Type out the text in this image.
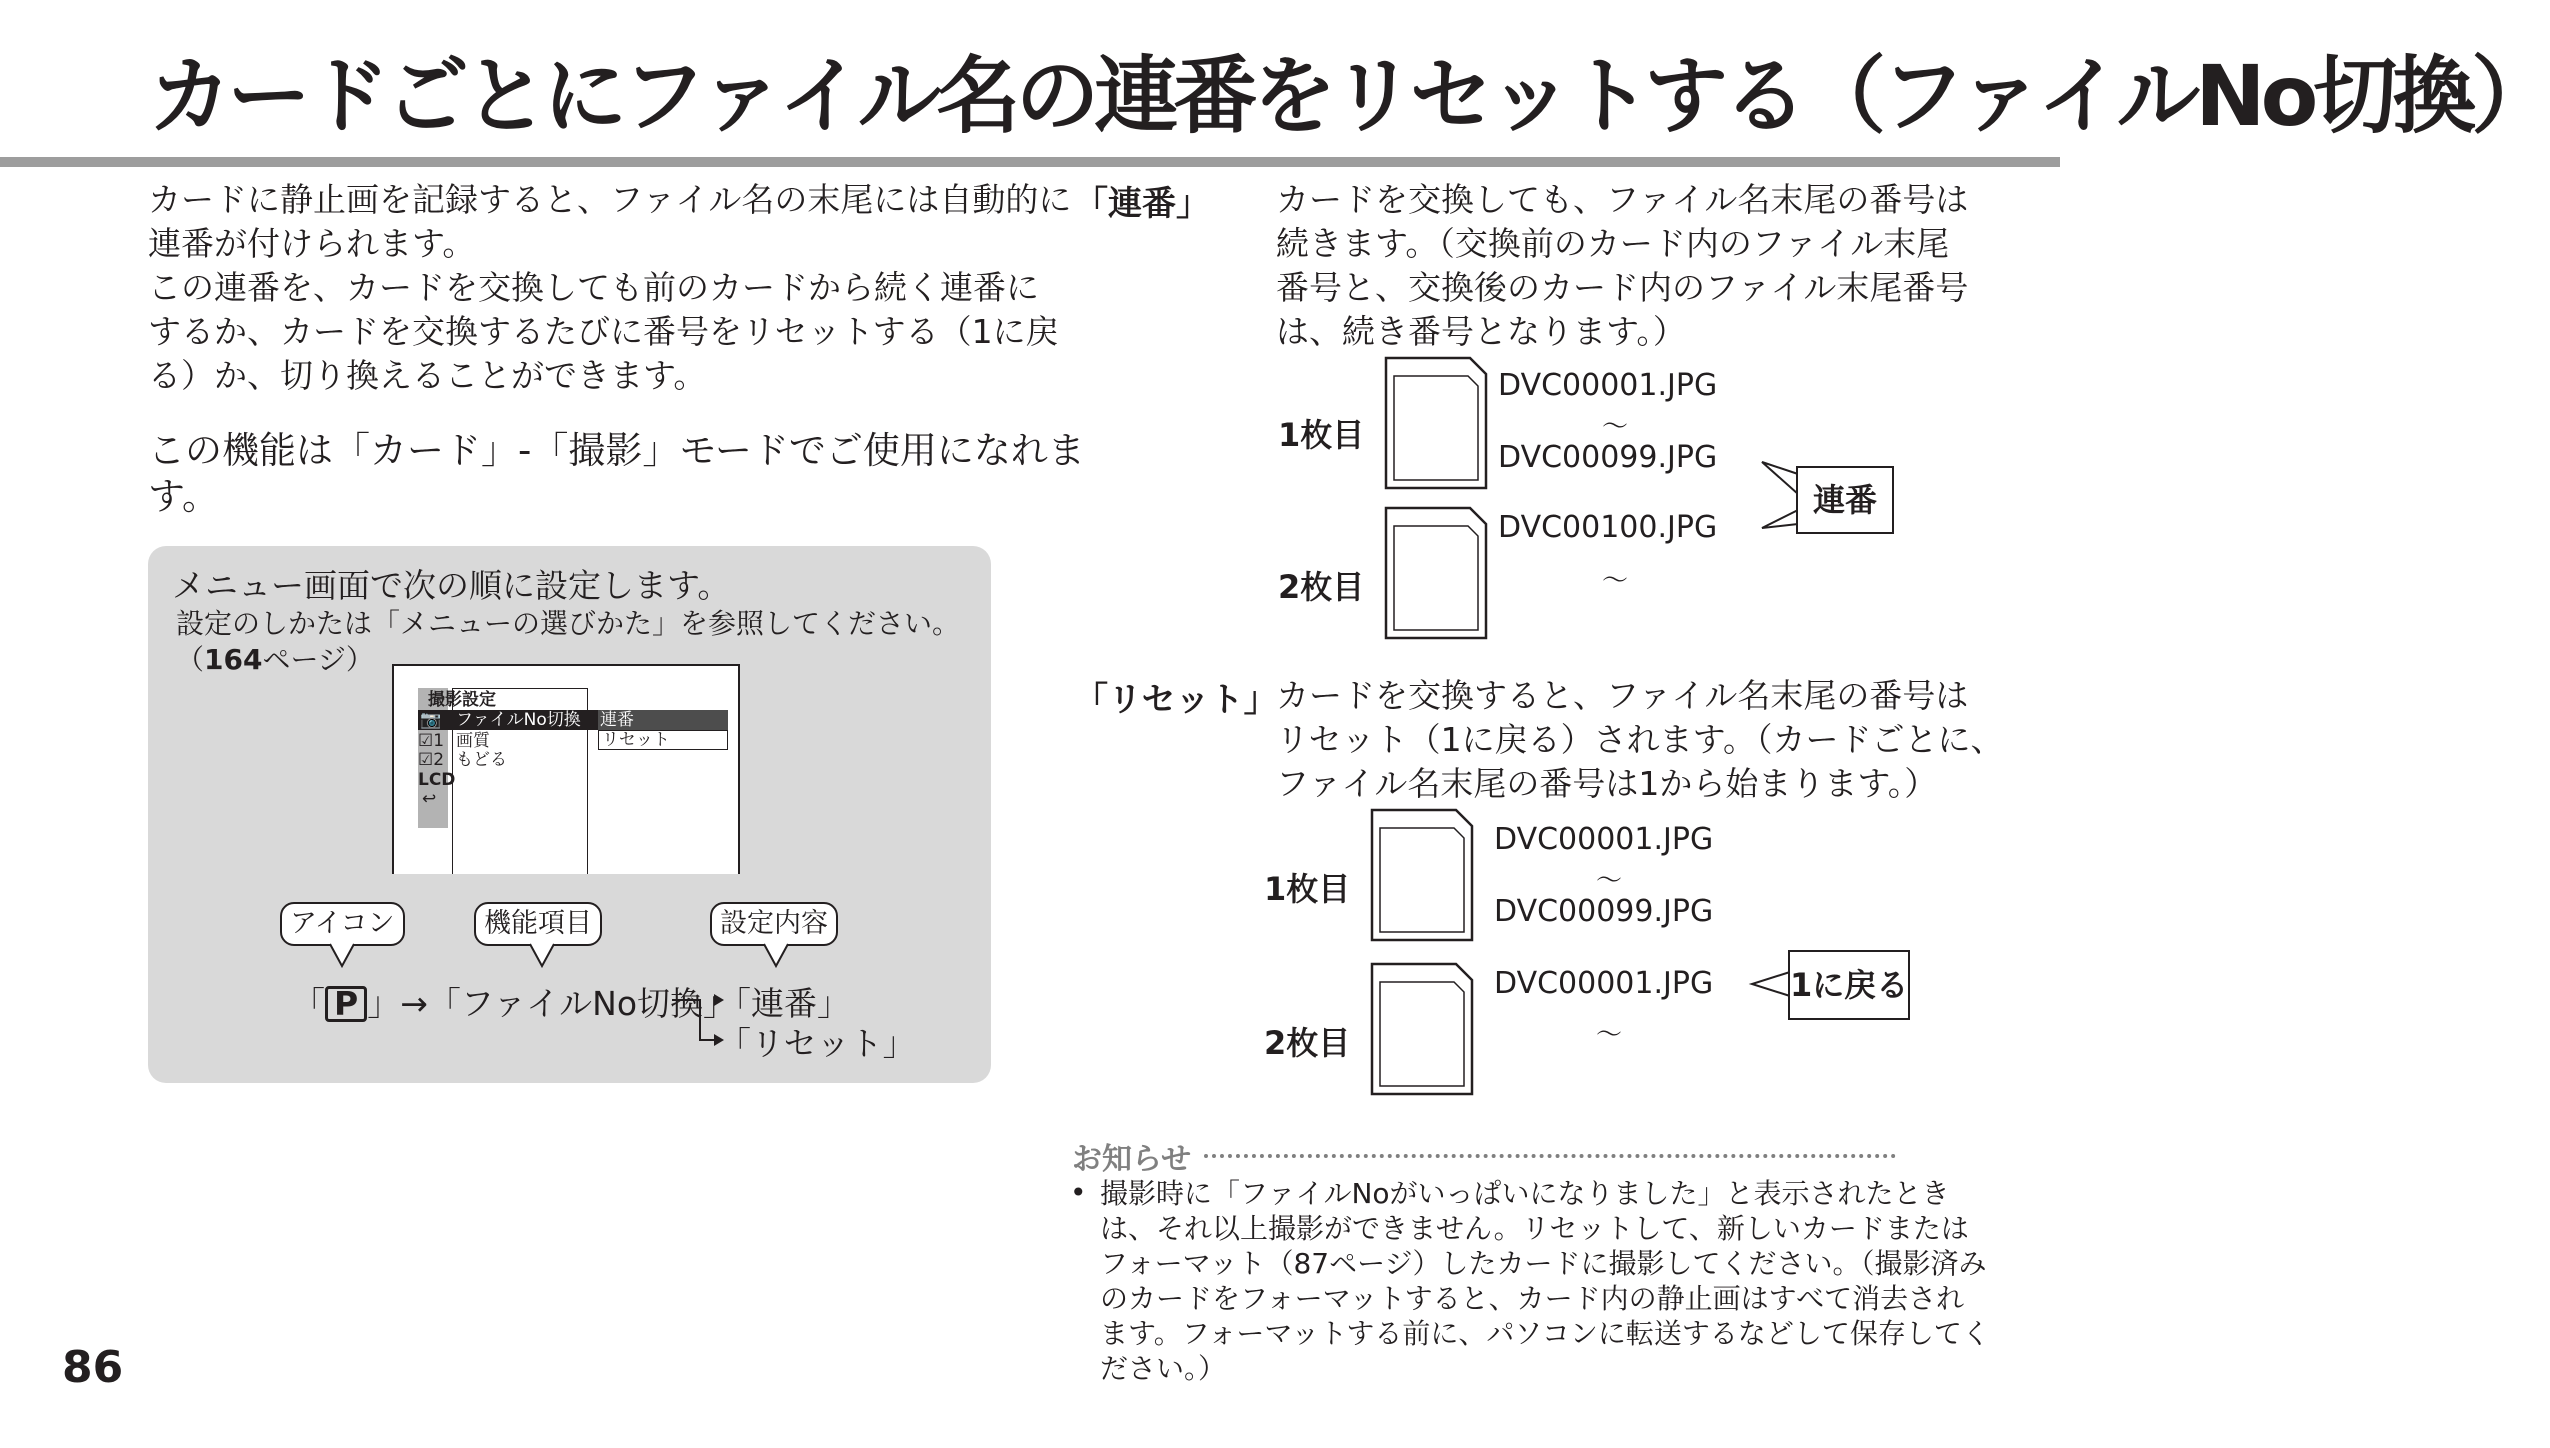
カードごとにファイル名の連番をリセットする（ファイルNo切換）
カードに静止画を記録すると、ファイル名の末尾には自動的に
連番が付けられます。
この連番を、カードを交換しても前のカードから続く連番に
するか、カードを交換するたびに番号をリセットする（1に戻
る）か、切り換えることができます。
この機能は「カード」-「撮影」モードでご使用になれま
す。
メニュー画面で次の順に設定します。
設定のしかたは「メニューの選びかた」を参照してください。
（164ページ）
撮影設定
📷 ファイルNo切換 連番
リセット
☑1
☑2
LCD
↩
画質
もどる
アイコン	機能項目	設定内容
「 P 」→「ファイルNo切換」
「連番」
「リセット」
「連番」 カードを交換しても、ファイル名末尾の番号は
続きます。（交換前のカード内のファイル末尾
番号と、交換後のカード内のファイル末尾番号
は、続き番号となります。）
1枚目
2枚目
DVC00001.JPG
〜
DVC00099.JPG
DVC00100.JPG
〜
連番
「リセット」
カードを交換すると、ファイル名末尾の番号は
リセット（1に戻る）されます。（カードごとに、
ファイル名末尾の番号は1から始まります。）
1枚目
2枚目
DVC00001.JPG
〜
DVC00099.JPG
DVC00001.JPG
〜
1に戻る
お知らせ
• 撮影時に「ファイルNoがいっぱいになりました」と表示されたとき
は、それ以上撮影ができません。リセットして、新しいカードまたは
フォーマット（87ページ）したカードに撮影してください。（撮影済み
のカードをフォーマットすると、カード内の静止画はすべて消去され
ます。フォーマットする前に、パソコンに転送するなどして保存してく
ださい。）
86
